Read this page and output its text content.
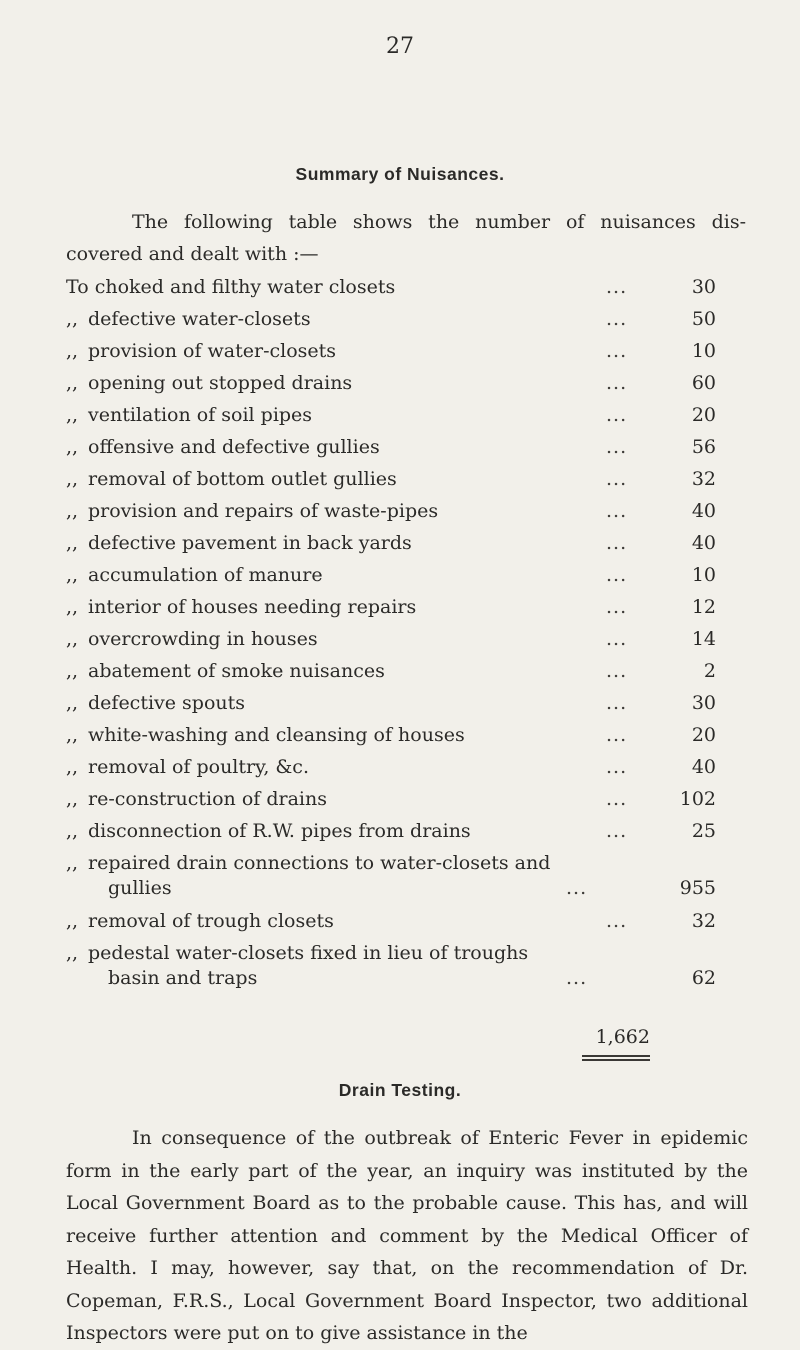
27
Summary of Nuisances.
The following table shows the number of nuisances dis-
covered and dealt with :—
To choked and filthy water closets	...	30
,, defective water-closets	...	50
,, provision of water-closets	...	10
,, opening out stopped drains	...	60
,, ventilation of soil pipes	...	20
,, offensive and defective gullies	...	56
,, removal of bottom outlet gullies	...	32
,, provision and repairs of waste-pipes	...	40
,, defective pavement in back yards	...	40
,, accumulation of manure	...	10
,, interior of houses needing repairs	...	12
,, overcrowding in houses	...	14
,, abatement of smoke nuisances	...	2
,, defective spouts	...	30
,, white-washing and cleansing of houses	...	20
,, removal of poultry, &c.	...	40
,, re-construction of drains	...	102
,, disconnection of R.W. pipes from drains	...	25
,, repaired drain connections to water-closets and
gullies	...	955
,, removal of trough closets	...	32
,, pedestal water-closets fixed in lieu of troughs
basin and traps	...	62
1,662
Drain Testing.
In consequence of the outbreak of Enteric Fever in epidemic form in the early part of the year, an inquiry was instituted by the Local Government Board as to the probable cause. This has, and will receive further attention and comment by the Medical Officer of Health. I may, however, say that, on the recommendation of Dr. Copeman, F.R.S., Local Government Board Inspector, two additional Inspectors were put on to give assistance in the
